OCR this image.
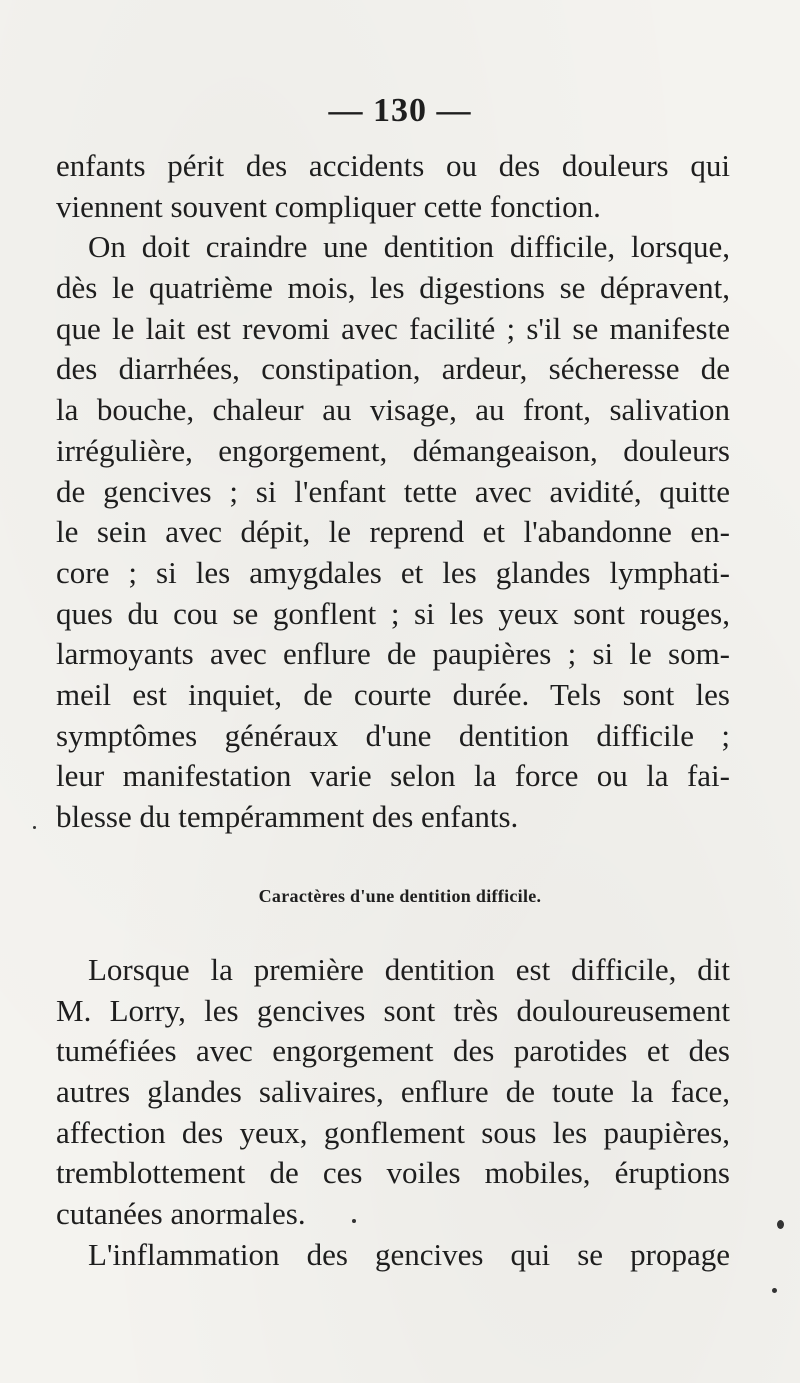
— 130 —
enfants périt des accidents ou des douleurs qui
viennent souvent compliquer cette fonction.
On doit craindre une dentition difficile, lorsque,
dès le quatrième mois, les digestions se dépravent,
que le lait est revomi avec facilité ; s'il se manifeste
des diarrhées, constipation, ardeur, sécheresse de
la bouche, chaleur au visage, au front, salivation
irrégulière, engorgement, démangeaison, douleurs
de gencives ; si l'enfant tette avec avidité, quitte
le sein avec dépit, le reprend et l'abandonne en-
core ; si les amygdales et les glandes lymphati-
ques du cou se gonflent ; si les yeux sont rouges,
larmoyants avec enflure de paupières ; si le som-
meil est inquiet, de courte durée. Tels sont les
symptômes généraux d'une dentition difficile ;
leur manifestation varie selon la force ou la fai-
blesse du tempéramment des enfants.
Caractères d'une dentition difficile.
Lorsque la première dentition est difficile, dit
M. Lorry, les gencives sont très douloureusement
tuméfiées avec engorgement des parotides et des
autres glandes salivaires, enflure de toute la face,
affection des yeux, gonflement sous les paupières,
tremblottement de ces voiles mobiles, éruptions
cutanées anormales.
L'inflammation des gencives qui se propage
